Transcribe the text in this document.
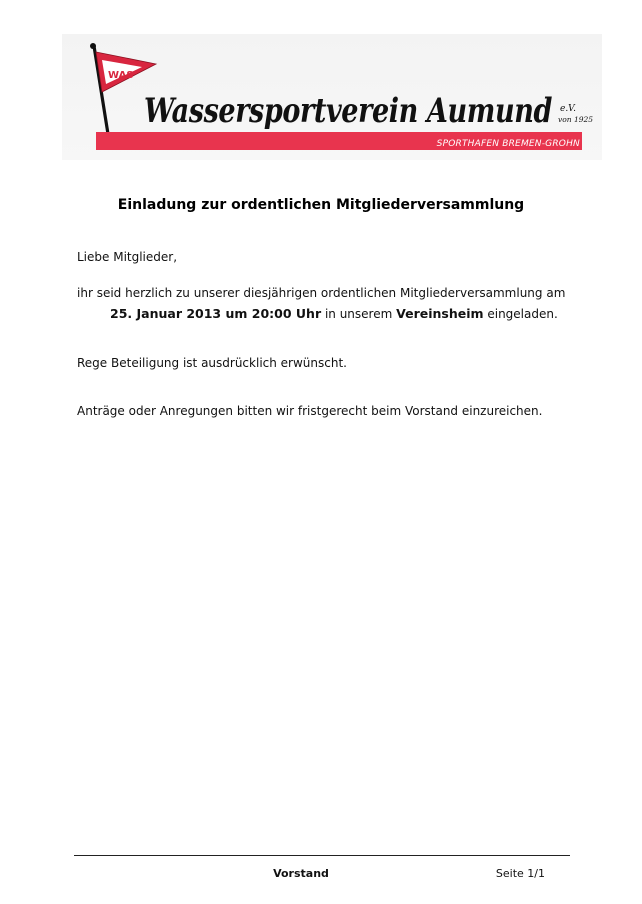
WAS
Wassersportverein Aumund e.V.
von 1925
SPORTHAFEN BREMEN-GROHN
Einladung zur ordentlichen Mitgliederversammlung
Liebe Mitglieder,
ihr seid herzlich zu unserer diesjährigen ordentlichen Mitgliederversammlung am
25. Januar 2013 um 20:00 Uhr in unserem Vereinsheim eingeladen.
Rege Beteiligung ist ausdrücklich erwünscht.
Anträge oder Anregungen bitten wir fristgerecht beim Vorstand einzureichen.
Vorstand	Seite 1/1
